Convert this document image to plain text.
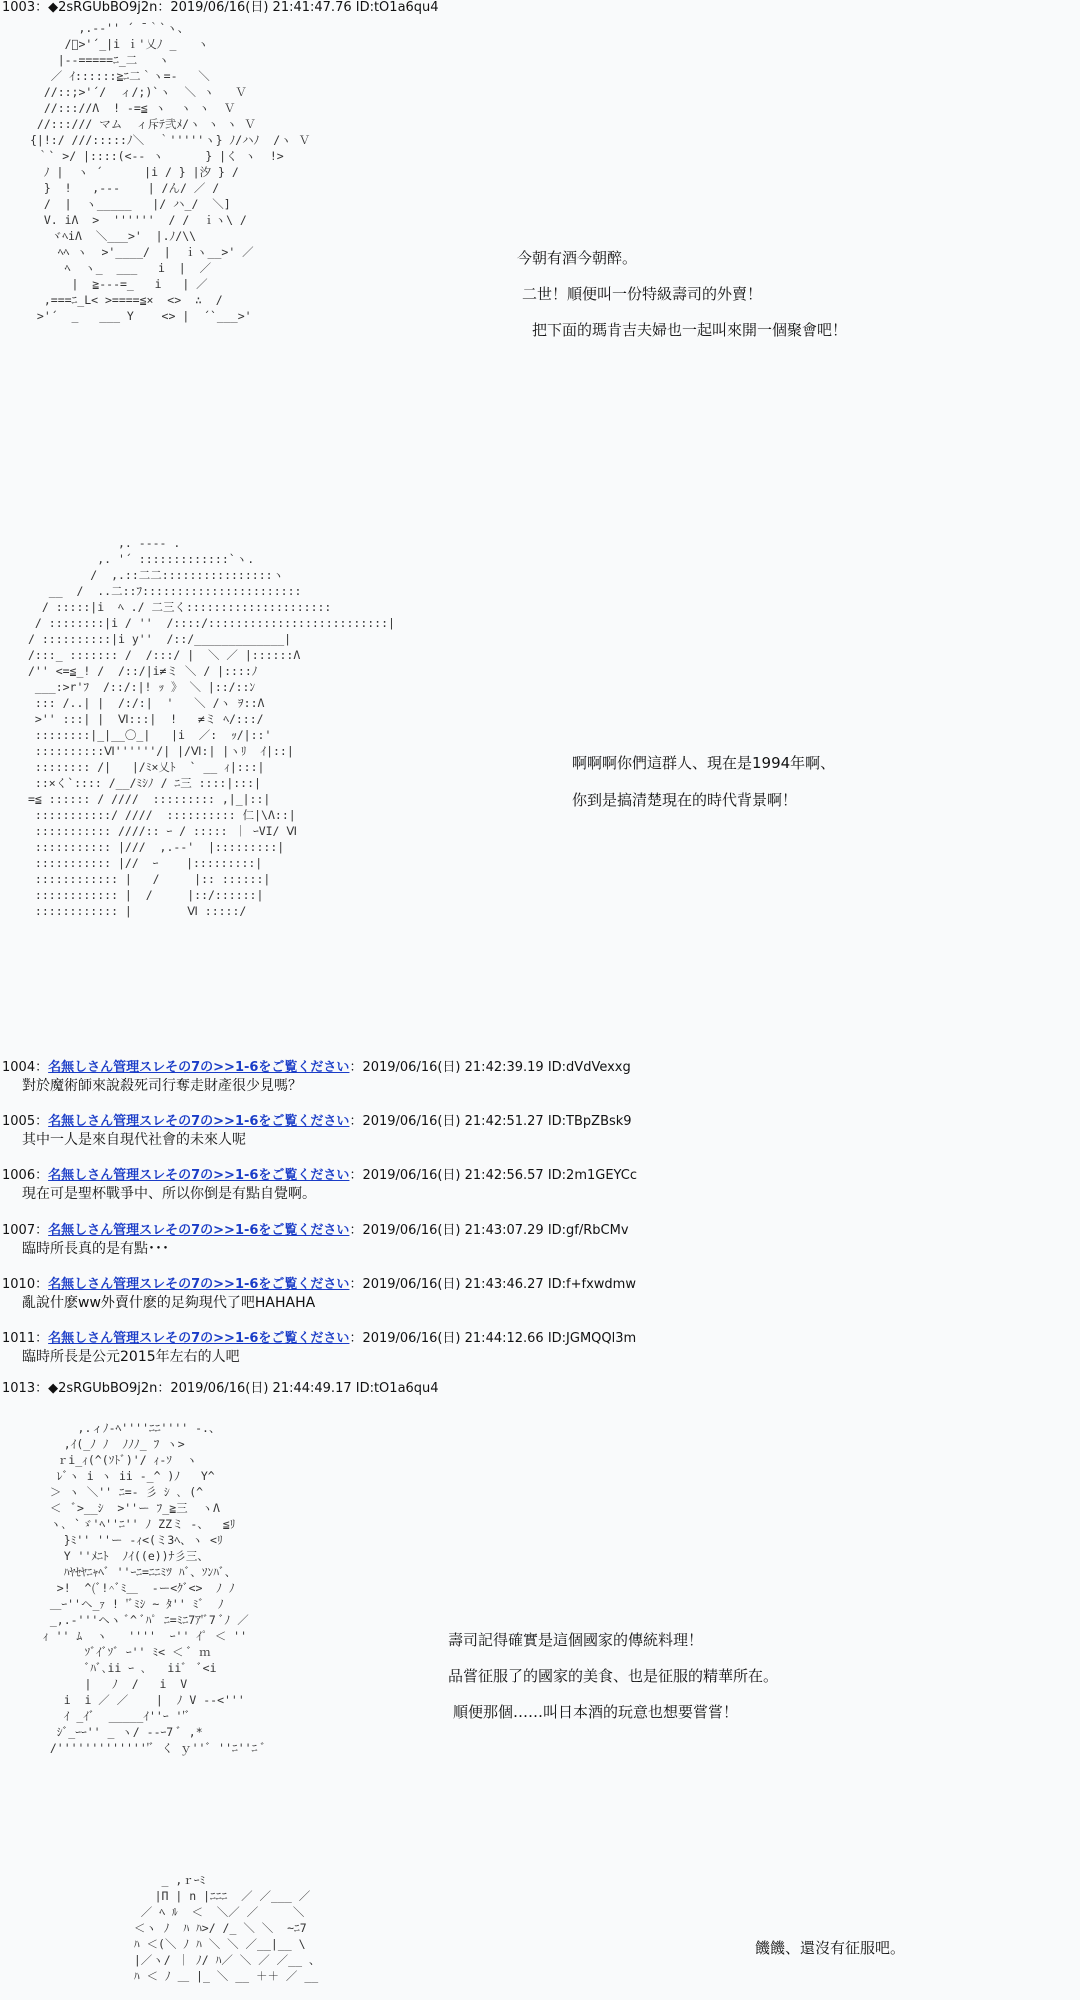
1003：◆2sRGUbBO9j2n：2019/06/16(日) 21:41:47.76 ID:tO1a6qu4
,.-‐'' ´ ̄ ｀`ヽ、
/ﾞ>'´_|i ｉ'乂ﾉ _   ヽ
|--=====ﾆ_二   ヽ
／ ｲ::::::≧ﾆ二｀ヽ=-   ＼
//::;>'´/  ィ/;)`ヽ  ＼ ヽ   Ｖ
//::://Λ  ! -=≦ ヽ  ヽ ヽ  Ｖ
//:::/// マム  ィ斥ﾃ弐ﾒ/ヽ ヽ ヽ Ｖ
{|!:/ ///:::::ﾉ＼  ｀'''''ヽ} ﾉ/ハﾉ  /ヽ Ｖ
｀` >/ |::::(<-- ヽ      } |く ヽ  !>
ﾉ |  ヽ ´      |i / } |汐 } /
}  !   ,---    | /ん/ ／ /
/  |  ヽ_____   |/ ハ_/  ＼]
V. iΛ  >  ''''''  / /  ｉヽ\ /
ヾﾍiΛ  ＼___>'  |.ﾉ/\\
ﾍﾍ ヽ  >'____/  |  ｉヽ__>' ／
ﾍ  ヽ_  ___   i  |  ／
|  ≧---=_   i   | ／
,===ﾆ_L< >====≦×  <>  ∴  /
>'´  _   ___ Y    <> |  ´`___>'
今朝有酒今朝醉。
二世！順便叫一份特級壽司的外賣！
把下面的瑪肯吉夫婦也一起叫來開一個聚會吧！
,. ---- .
,. '´ :::::::::::::`ヽ.
/  ,.::二二::::::::::::::::ヽ
__  /  ..二::ﾌ:::::::::::::::::::::::
/ :::::|i  ﾍ ./ 二三く:::::::::::::::::::::
/ ::::::::|i / ''  /::::/::::::::::::::::::::::::::|
/ ::::::::::|i y''  /::/_____________|
/:::_ ::::::: /  /:::/ |  ＼ ／ |::::::Λ
/'' <=≦_! /  /::/|i≠ミ ＼ / |::::ﾉ
___:>r'ﾌ  /::/:|! ｯ 》 ＼ |::/::ﾝ
::: /..| |  /:/:|  '   ＼ /ヽ ｦ::Λ
>'' :::| |  Ⅵ:::|  !   ≠ミ ﾍ/:::/
::::::::|_|__〇_|   |i  ／:  ｯ/|::'
::::::::::Ⅵ''''''/| |/Ⅵ:| |ヽﾘ  ｲ|::|
:::::::: /|   |/ﾐ×乂ﾄ  ` __ ｨ|:::|
::×く`:::: /__/ﾐｼﾉ / ﾆ三 ::::|:::|
=≦ :::::: / ////  ::::::::: ,|_|::|
:::::::::::/ ////  :::::::::: 仁|\Λ::|
::::::::::: ////:: ｰ / ::::: ｜ ｰVI/ Ⅵ
::::::::::: |///  ,.-‐'  |:::::::::|
::::::::::: |//  ｰ    |:::::::::|
:::::::::::: |   /     |:: ::::::|
:::::::::::: |  /     |::/::::::|
:::::::::::: |        Ⅵ :::::/
啊啊啊你們這群人、現在是1994年啊、
你到是搞清楚現在的時代背景啊！
1004：名無しさん管理スレその7の>>1-6をご覧ください：2019/06/16(日) 21:42:39.19 ID:dVdVexxg
對於魔術師來說殺死司行奪走財產很少見嗎？
1005：名無しさん管理スレその7の>>1-6をご覧ください：2019/06/16(日) 21:42:51.27 ID:TBpZBsk9
其中一人是來自現代社會的未來人呢
1006：名無しさん管理スレその7の>>1-6をご覧ください：2019/06/16(日) 21:42:56.57 ID:2m1GEYCc
現在可是聖杯戰爭中、所以你倒是有點自覺啊。
1007：名無しさん管理スレその7の>>1-6をご覧ください：2019/06/16(日) 21:43:07.29 ID:gf/RbCMv
臨時所長真的是有點･･･
1010：名無しさん管理スレその7の>>1-6をご覧ください：2019/06/16(日) 21:43:46.27 ID:f+fxwdmw
亂說什麽ww外賣什麽的足夠現代了吧HAHAHA
1011：名無しさん管理スレその7の>>1-6をご覧ください：2019/06/16(日) 21:44:12.66 ID:JGMQQl3m
臨時所長是公元2015年左右的人吧
1013：◆2sRGUbBO9j2n：2019/06/16(日) 21:44:49.17 ID:tO1a6qu4
,.ィﾉ‐ﾍ''''ﾆﾆ'''' ‐.、
,ｲ(_ﾉ ﾉ  ﾉﾉﾉ_ ﾌ ヽ>
ｒi_ｨ(^(ｿﾄﾞ)'/ ｨ-ｿ  ヽ
ﾚﾞヽ i ヽ ii -_^ )ﾉ   Y^
＞ ヽ ＼'' ﾆ=- 彡 ｼ ､ (^
＜  ﾞ>__ｼ  >''ー ﾌ_≧三  ヽΛ
ヽ､ `ゞ'ﾍ''ﾆ'' ﾉ ZZミ -、  ≦ﾘ
}ﾐ'' ''ー ‐ｨ<(ミ3ﾍ、ヽ <ﾘ
Y ''ﾒﾆﾄ  ﾉｲ((e))ﾅ彡三、
ﾊﾔｾﾔﾆｬﾍﾞ ''ｰﾆ=ﾆﾆﾐﾂ ﾊﾞ、ｿﾝﾊﾞ、
>!  ^(ﾞ!^ﾞﾐ＿  -ー<ｸﾞ<>  ﾉ ﾉ
＿ｰ''ヘ_ｧ ! 'ﾞﾐｼ ~ ﾀ'' ﾐﾞ  ﾉ
_,.-'''ヘヽ ﾞ^ ﾞﾊﾟ ﾆ=ﾐﾆ7ｱ'ﾞ7 ﾞﾉ ／
ｨ '' ﾑ  ヽ   ''''  ｰ'' ｲﾟ ＜ ''
ｿﾞｲﾞｿﾞ ｰ'' ﾐ< ＜ ﾞ ｍ
ﾞﾊﾞ､ii ｰ ､   iiﾞ  ﾞ<i
|   ﾉ  /   i  V
i  i ／ ／    |  ﾉ V ‐-<'''
ｲ _ｲﾞ  _____ｲ''ｰ ''ﾞ
ｼﾞ_ｰｰ'' _ ヽ/ ‐-ｰ7 ﾞ ,*
/''''''''''''''ﾞ く ｙ''ﾞ ''ﾆ''ﾆ ﾞ
壽司記得確實是這個國家的傳統料理！
品嘗征服了的國家的美食、也是征服的精華所在。
順便那個……叫日本酒的玩意也想要嘗嘗！
_ ,ｒｰﾐ
|Π | n |ﾆﾆﾆ  ／ ／___ ／
／ ﾍ ﾙ  ＜  ＼／ ／     ＼
＜ヽ ﾉ  ﾊ ﾊ>/ /_ ＼ ＼  ~ﾆ7
ﾊ ＜(＼ ﾉ ﾊ ＼ ＼ ／__|__ \
|／ヽ/ ｜ ﾉ/ ﾊ／ ＼ ／ ／__ 、
ﾊ ＜ ﾉ ＿ |_ ＼ __ ＋＋ ／ __
饑饑、還沒有征服吧。
